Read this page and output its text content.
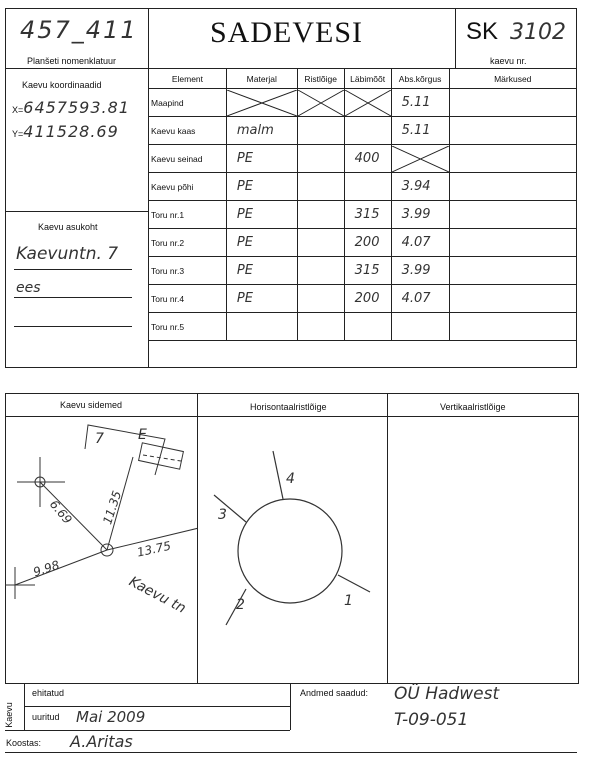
457_411
Planšeti nomenklatuur
SADEVESI	SK 3102
kaevu nr.
Kaevu koordinaadid
X=6457593.81
Y=411528.69
Kaevu asukoht
Kaevuntn. 7
ees
Element	Materjal	Ristlõige	Läbimõõt	Abs.kõrgus	Märkused
Maapind				5.11	
Kaevu kaas	malm			5.11	
Kaevu seinad	PE		400	

Kaevu põhi	PE			3.94	
Toru nr.1	PE		315	3.99	
Toru nr.2	PE		200	4.07	
Toru nr.3	PE		315	3.99	
Toru nr.4	PE		200	4.07	
Toru nr.5					
Kaevu sidemed	Horisontaalristlõige	Vertikaalristlõige
7 E
6.69 11.35
9.98
13.75
Kaevu tn	1
2
3
4
Kaevu
ehitatud
uuritud Mai 2009
Andmed saadud: OÜ Hadwest
T-09-051
Koostas: A.Aritas
